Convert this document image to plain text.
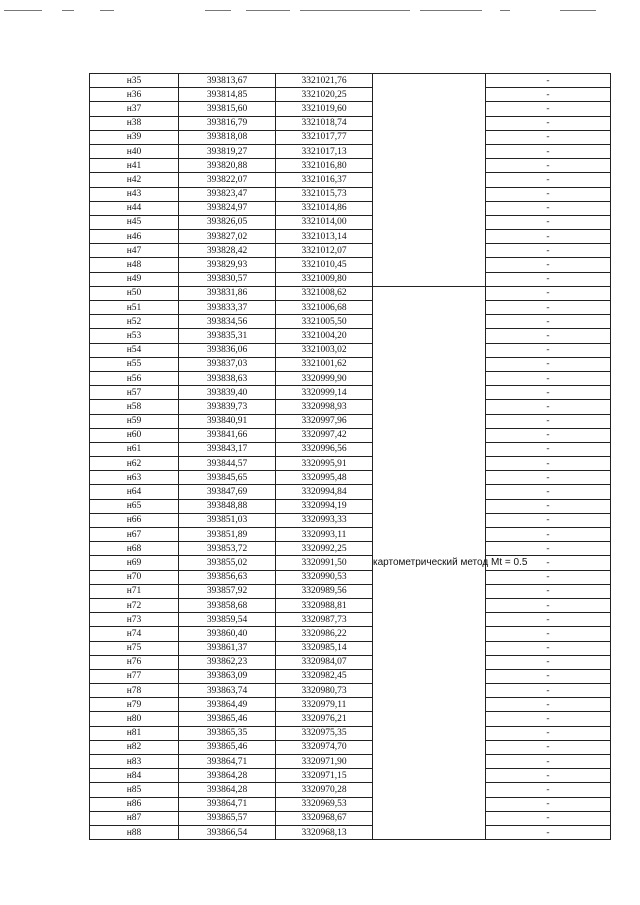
н35	393813,67	3321021,76		-
н36	393814,85	3321020,25		-
н37	393815,60	3321019,60		-
н38	393816,79	3321018,74		-
н39	393818,08	3321017,77		-
н40	393819,27	3321017,13		-
н41	393820,88	3321016,80		-
н42	393822,07	3321016,37		-
н43	393823,47	3321015,73		-
н44	393824,97	3321014,86		-
н45	393826,05	3321014,00		-
н46	393827,02	3321013,14		-
н47	393828,42	3321012,07		-
н48	393829,93	3321010,45		-
н49	393830,57	3321009,80		-
н50	393831,86	3321008,62	картометрический метод Mt = 0.5	-
н51	393833,37	3321006,68		-
н52	393834,56	3321005,50		-
н53	393835,31	3321004,20		-
н54	393836,06	3321003,02		-
н55	393837,03	3321001,62		-
н56	393838,63	3320999,90		-
н57	393839,40	3320999,14		-
н58	393839,73	3320998,93		-
н59	393840,91	3320997,96		-
н60	393841,66	3320997,42		-
н61	393843,17	3320996,56		-
н62	393844,57	3320995,91		-
н63	393845,65	3320995,48		-
н64	393847,69	3320994,84		-
н65	393848,88	3320994,19		-
н66	393851,03	3320993,33		-
н67	393851,89	3320993,11		-
н68	393853,72	3320992,25		-
н69	393855,02	3320991,50		-
н70	393856,63	3320990,53		-
н71	393857,92	3320989,56		-
н72	393858,68	3320988,81		-
н73	393859,54	3320987,73		-
н74	393860,40	3320986,22		-
н75	393861,37	3320985,14		-
н76	393862,23	3320984,07		-
н77	393863,09	3320982,45		-
н78	393863,74	3320980,73		-
н79	393864,49	3320979,11		-
н80	393865,46	3320976,21		-
н81	393865,35	3320975,35		-
н82	393865,46	3320974,70		-
н83	393864,71	3320971,90		-
н84	393864,28	3320971,15		-
н85	393864,28	3320970,28		-
н86	393864,71	3320969,53		-
н87	393865,57	3320968,67		-
н88	393866,54	3320968,13		-
